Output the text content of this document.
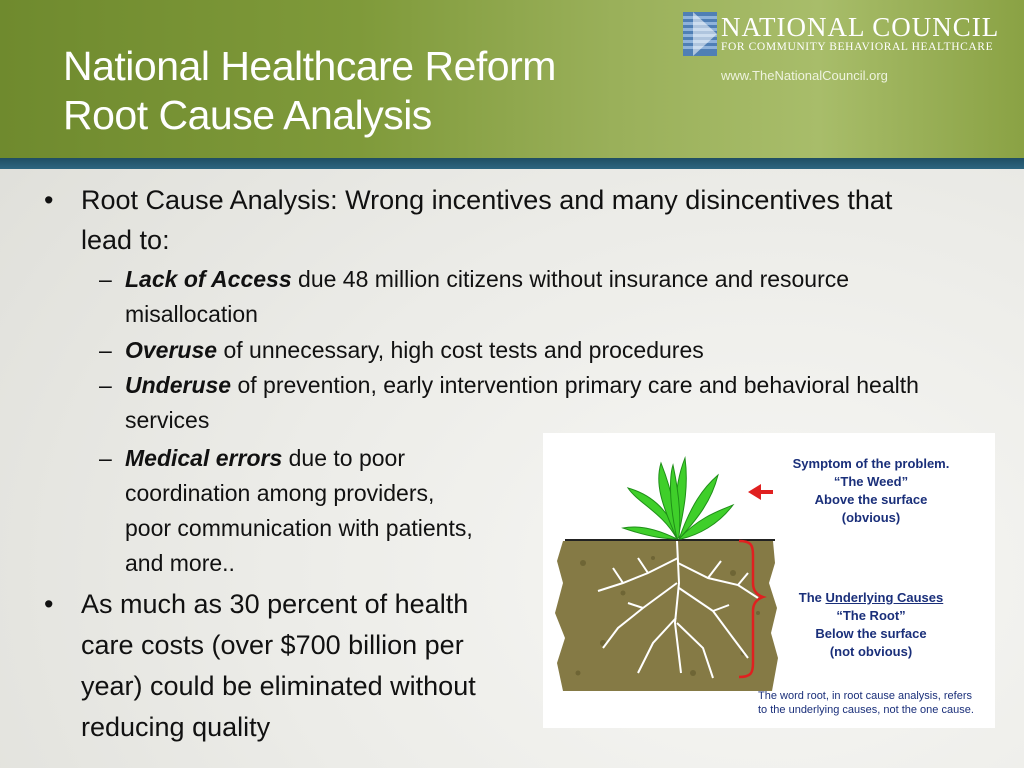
National Healthcare Reform
Root Cause Analysis
NATIONAL COUNCIL
FOR COMMUNITY BEHAVIORAL HEALTHCARE
www.TheNationalCouncil.org
•	Root Cause Analysis: Wrong incentives and many disincentives that
lead to:
– Lack of Access due 48 million citizens without insurance and resource
misallocation
– Overuse of unnecessary, high cost tests and procedures
– Underuse of prevention, early intervention primary care and behavioral health
services
– Medical errors due to poor
coordination among providers,
poor communication with patients,
and more..
•	As much as 30 percent of health
care costs (over $700 billion per
year) could be eliminated without
reducing quality
Symptom of the problem.
“The Weed”
Above the surface
(obvious)
The Underlying Causes
“The Root”
Below the surface
(not obvious)
The word root, in root cause analysis, refers
to the underlying causes, not the one cause.
